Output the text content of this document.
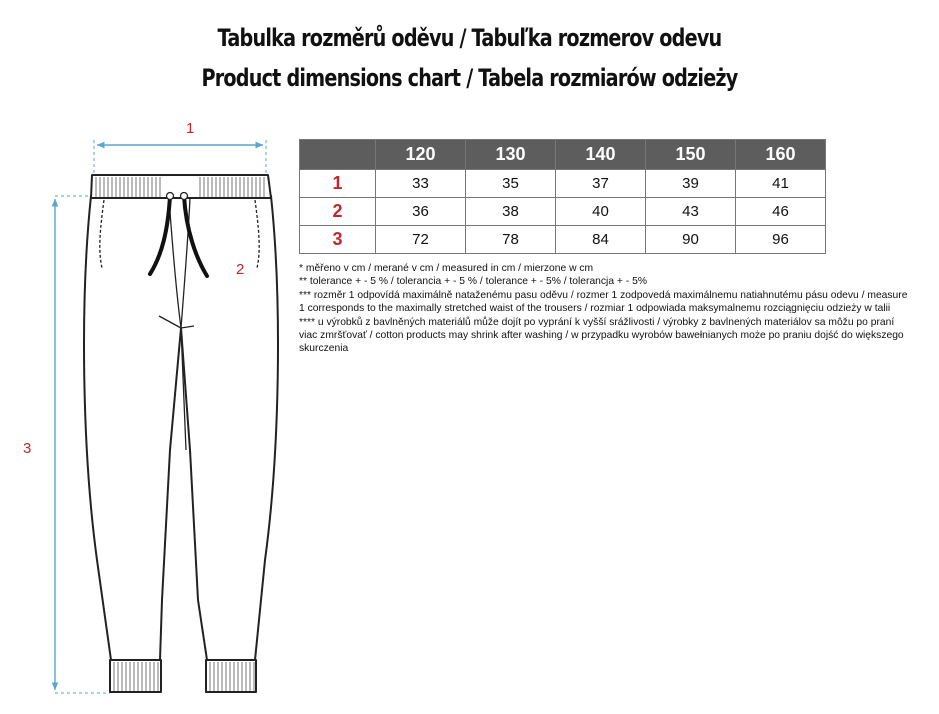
Tabulka rozměrů oděvu / Tabuľka rozmerov odevu
Product dimensions chart / Tabela rozmiarów odzieży
1
2
3
	120	130	140	150	160
1	33	35	37	39	41
2	36	38	40	43	46
3	72	78	84	90	96

* měřeno v cm / merané v cm / measured in cm / mierzone w cm

** tolerance + - 5 % / tolerancia + - 5 % / tolerance + - 5% / tolerancja + - 5%

*** rozměr 1 odpovídá maximálně nataženému pasu oděvu / rozmer 1 zodpovedá maximálnemu natiahnutému pásu odevu / measure 1 corresponds to the maximally stretched waist of the trousers / rozmiar 1 odpowiada maksymalnemu rozciągnięciu odzieży w talii

**** u výrobků z bavlněných materiálů může dojít po vyprání k vyšší srážlivosti / výrobky z bavlnených materiálov sa môžu po praní viac zmršťovať / cotton products may shrink after washing / w przypadku wyrobów bawełnianych może po praniu dojść do większego skurczenia
